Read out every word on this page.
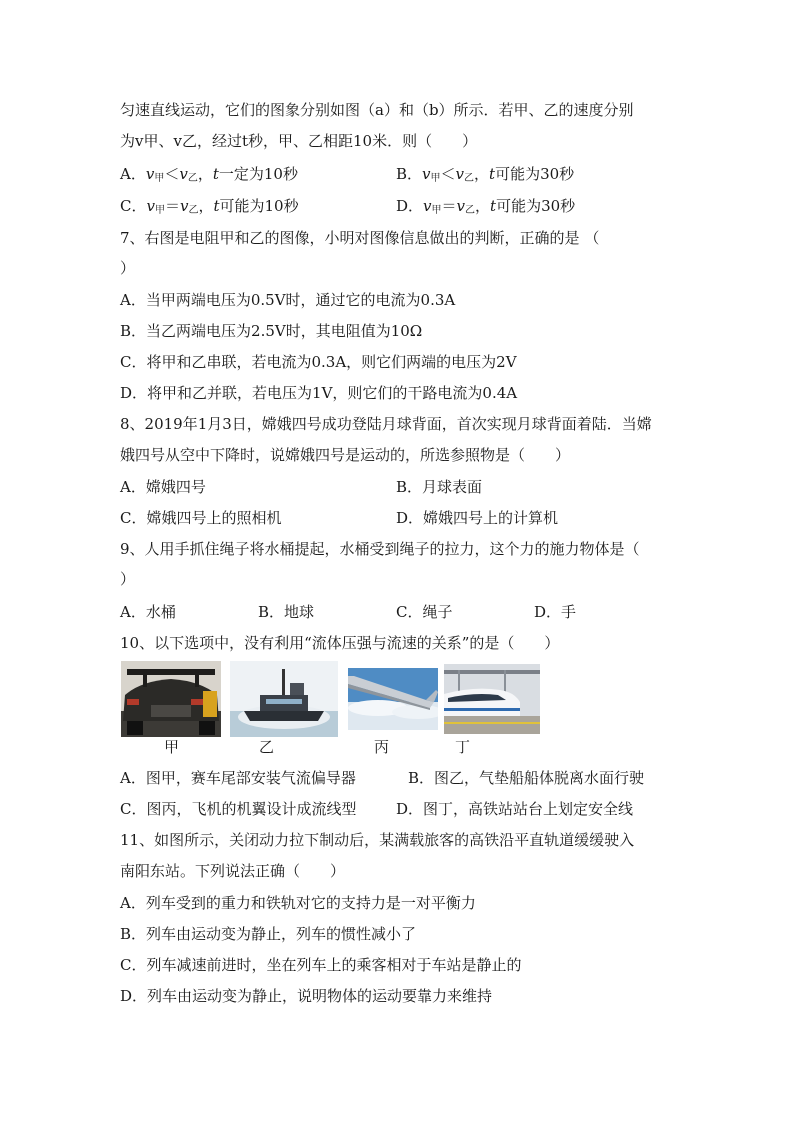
匀速直线运动，它们的图象分别如图（a）和（b）所示．若甲、乙的速度分别
为v甲、v乙，经过t秒，甲、乙相距10米．则（　　）
A．$v_甲<v_乙$，t一定为10秒	B．$v_甲<v_乙$，t可能为30秒
C．$v_甲=v_乙$，t可能为10秒	D．$v_甲=v_乙$，t可能为30秒
7、右图是电阻甲和乙的图像，小明对图像信息做出的判断，正确的是 （
）
A．当甲两端电压为0.5V时，通过它的电流为0.3A
B．当乙两端电压为2.5V时，其电阻值为10Ω
C．将甲和乙串联，若电流为0.3A，则它们两端的电压为2V
D．将甲和乙并联，若电压为1V，则它们的干路电流为0.4A
8、2019年1月3日，嫦娥四号成功登陆月球背面，首次实现月球背面着陆．当嫦
娥四号从空中下降时，说嫦娥四号是运动的，所选参照物是（　　）
A．嫦娥四号	B．月球表面
C．嫦娥四号上的照相机	D．嫦娥四号上的计算机
9、人用手抓住绳子将水桶提起，水桶受到绳子的拉力，这个力的施力物体是（
）
A．水桶	B．地球	C．绳子	D．手
10、以下选项中，没有利用“流体压强与流速的关系”的是（　　）
甲	乙	丙	丁
A．图甲，赛车尾部安装气流偏导器	B．图乙，气垫船船体脱离水面行驶
C．图丙，飞机的机翼设计成流线型	D．图丁，高铁站站台上划定安全线
11、如图所示，关闭动力拉下制动后，某满载旅客的高铁沿平直轨道缓缓驶入
南阳东站。下列说法正确（　　）
A．列车受到的重力和铁轨对它的支持力是一对平衡力
B．列车由运动变为静止，列车的惯性减小了
C．列车减速前进时，坐在列车上的乘客相对于车站是静止的
D．列车由运动变为静止，说明物体的运动要靠力来维持
